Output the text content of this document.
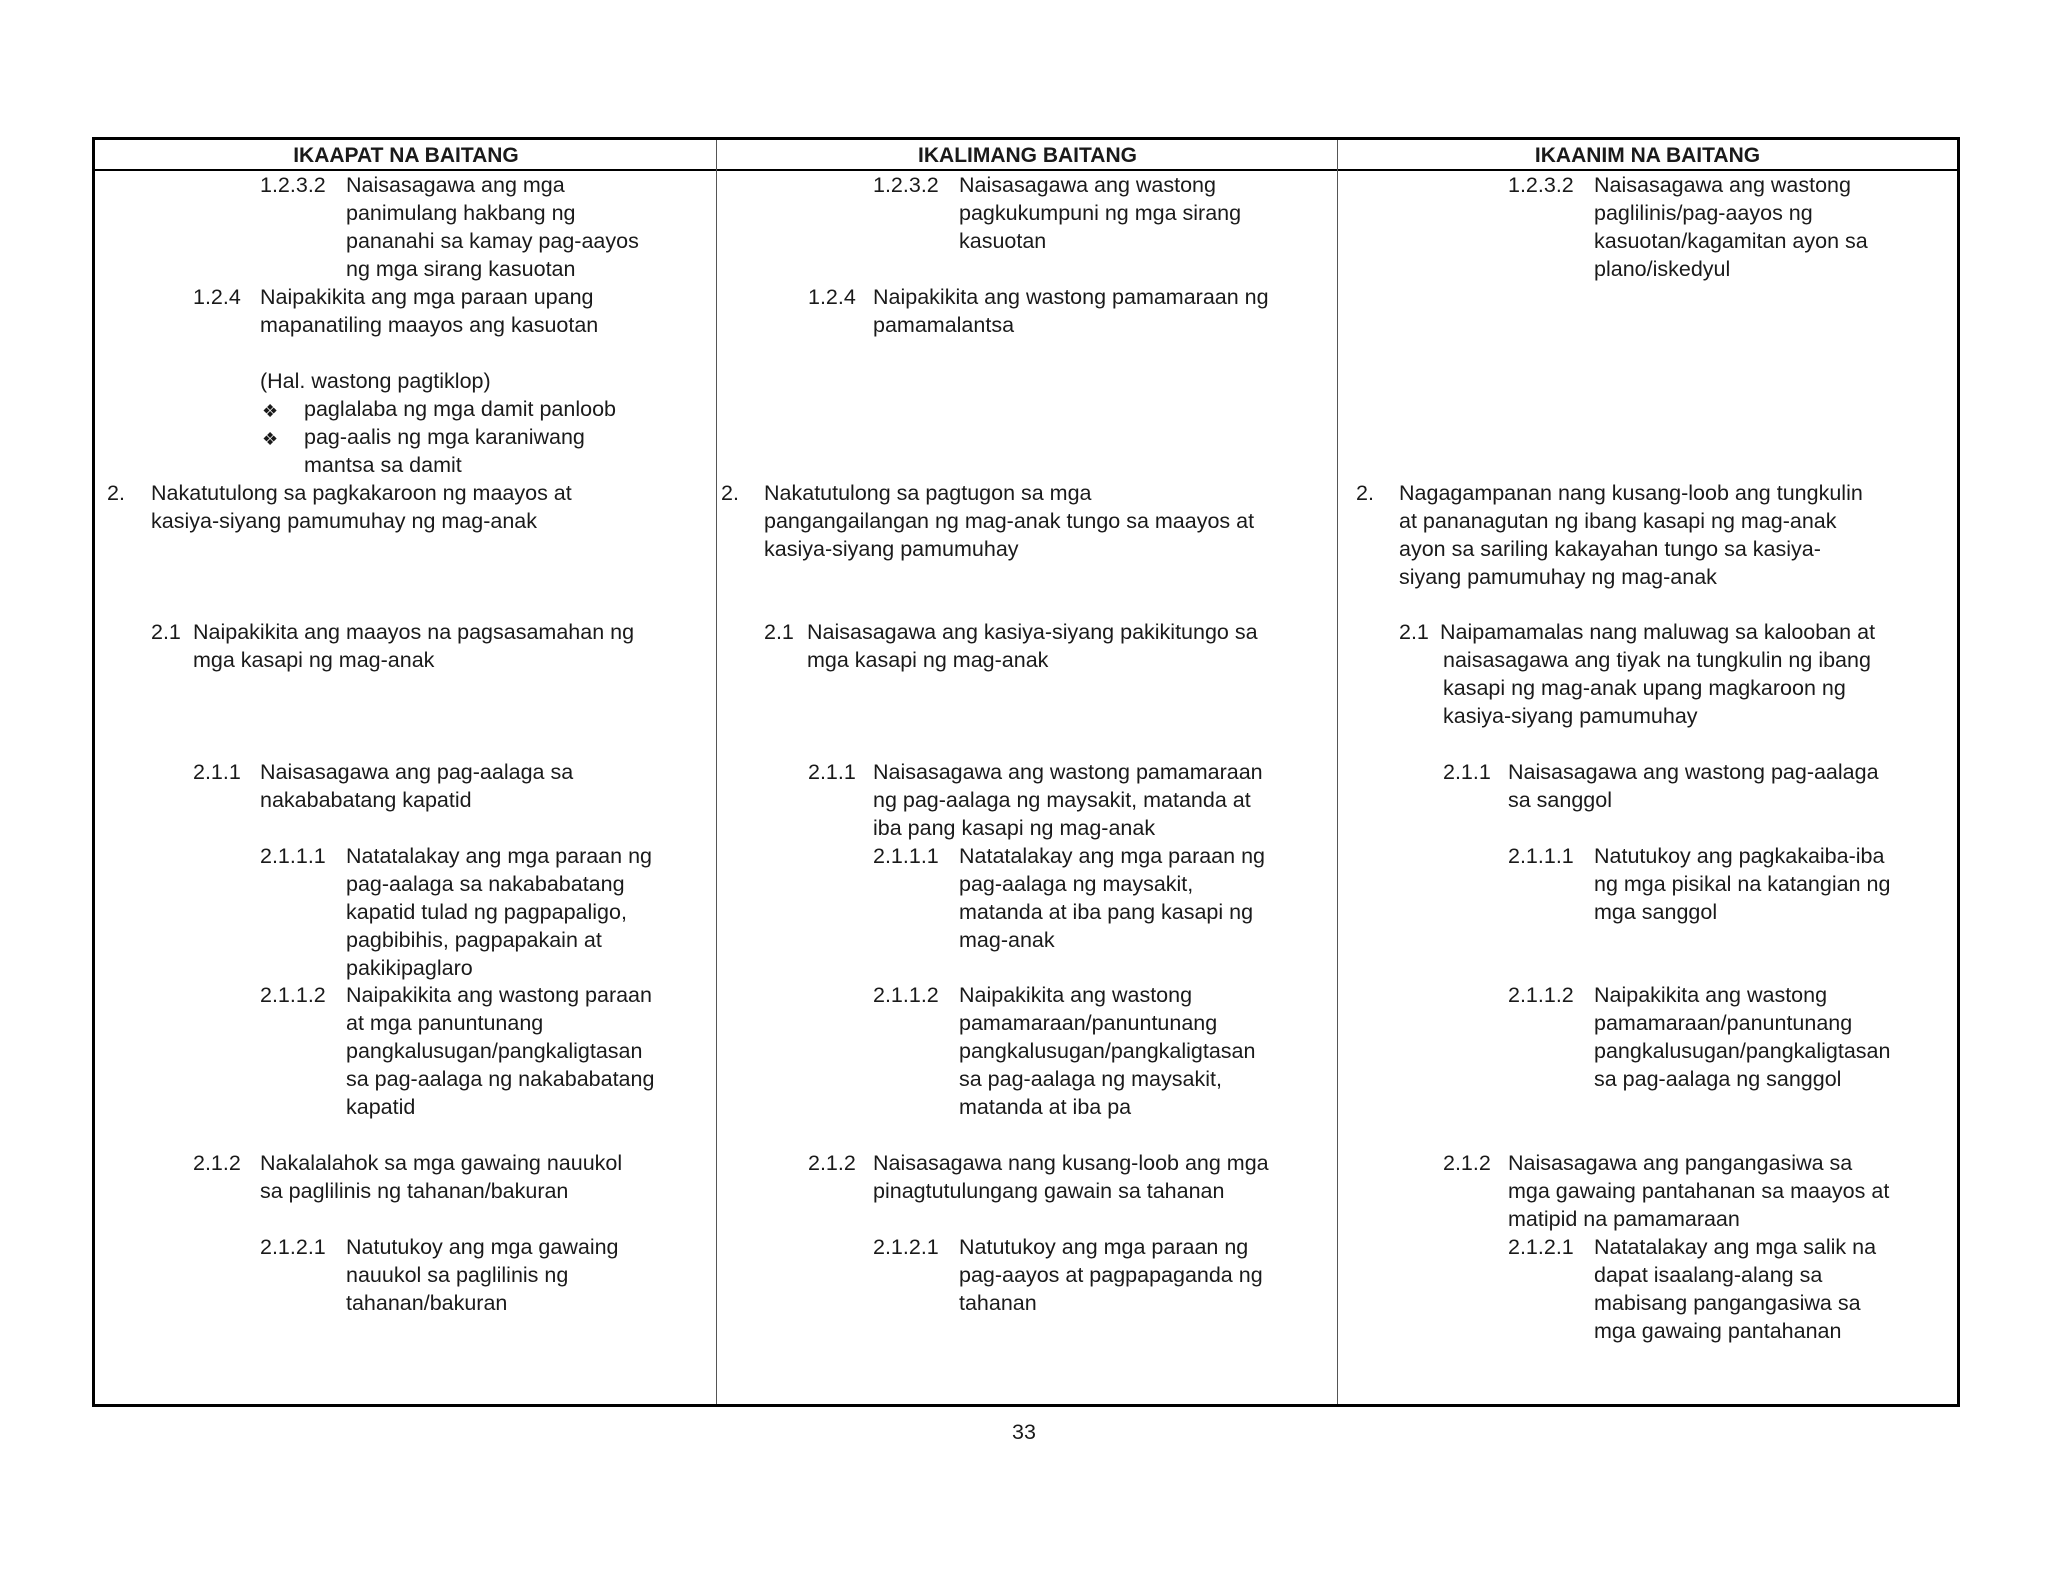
IKAAPAT NA BAITANG	IKALIMANG BAITANG	IKAANIM NA BAITANG
1.2.3.2 Naisasagawa ang mga
panimulang hakbang ng
pananahi sa kamay pag-aayos
ng mga sirang kasuotan
1.2.4 Naipakikita ang mga paraan upang
mapanatiling maayos ang kasuotan
(Hal. wastong pagtiklop)
❖ paglalaba ng mga damit panloob
❖ pag-aalis ng mga karaniwang
mantsa sa damit
2. Nakatutulong sa pagkakaroon ng maayos at
kasiya-siyang pamumuhay ng mag-anak
2.1 Naipakikita ang maayos na pagsasamahan ng
mga kasapi ng mag-anak
2.1.1 Naisasagawa ang pag-aalaga sa
nakababatang kapatid
2.1.1.1 Natatalakay ang mga paraan ng
pag-aalaga sa nakababatang
kapatid tulad ng pagpapaligo,
pagbibihis, pagpapakain at
pakikipaglaro
2.1.1.2 Naipakikita ang wastong paraan
at mga panuntunang
pangkalusugan/pangkaligtasan
sa pag-aalaga ng nakababatang
kapatid
2.1.2 Nakalalahok sa mga gawaing nauukol
sa paglilinis ng tahanan/bakuran
2.1.2.1 Natutukoy ang mga gawaing
nauukol sa paglilinis ng
tahanan/bakuran
1.2.3.2 Naisasagawa ang wastong
pagkukumpuni ng mga sirang
kasuotan
1.2.4 Naipakikita ang wastong pamamaraan ng
pamamalantsa
2. Nakatutulong sa pagtugon sa mga
pangangailangan ng mag-anak tungo sa maayos at
kasiya-siyang pamumuhay
2.1 Naisasagawa ang kasiya-siyang pakikitungo sa
mga kasapi ng mag-anak
2.1.1 Naisasagawa ang wastong pamamaraan
ng pag-aalaga ng maysakit, matanda at
iba pang kasapi ng mag-anak
2.1.1.1 Natatalakay ang mga paraan ng
pag-aalaga ng maysakit,
matanda at iba pang kasapi ng
mag-anak
2.1.1.2 Naipakikita ang wastong
pamamaraan/panuntunang
pangkalusugan/pangkaligtasan
sa pag-aalaga ng maysakit,
matanda at iba pa
2.1.2 Naisasagawa nang kusang-loob ang mga
pinagtutulungang gawain sa tahanan
2.1.2.1 Natutukoy ang mga paraan ng
pag-aayos at pagpapaganda ng
tahanan
1.2.3.2 Naisasagawa ang wastong
paglilinis/pag-aayos ng
kasuotan/kagamitan ayon sa
plano/iskedyul
2. Nagagampanan nang kusang-loob ang tungkulin
at pananagutan ng ibang kasapi ng mag-anak
ayon sa sariling kakayahan tungo sa kasiya-
siyang pamumuhay ng mag-anak
2.1 Naipamamalas nang maluwag sa kalooban at
naisasagawa ang tiyak na tungkulin ng ibang
kasapi ng mag-anak upang magkaroon ng
kasiya-siyang pamumuhay
2.1.1 Naisasagawa ang wastong pag-aalaga
sa sanggol
2.1.1.1 Natutukoy ang pagkakaiba-iba
ng mga pisikal na katangian ng
mga sanggol
2.1.1.2 Naipakikita ang wastong
pamamaraan/panuntunang
pangkalusugan/pangkaligtasan
sa pag-aalaga ng sanggol
2.1.2 Naisasagawa ang pangangasiwa sa
mga gawaing pantahanan sa maayos at
matipid na pamamaraan
2.1.2.1 Natatalakay ang mga salik na
dapat isaalang-alang sa
mabisang pangangasiwa sa
mga gawaing pantahanan
33
